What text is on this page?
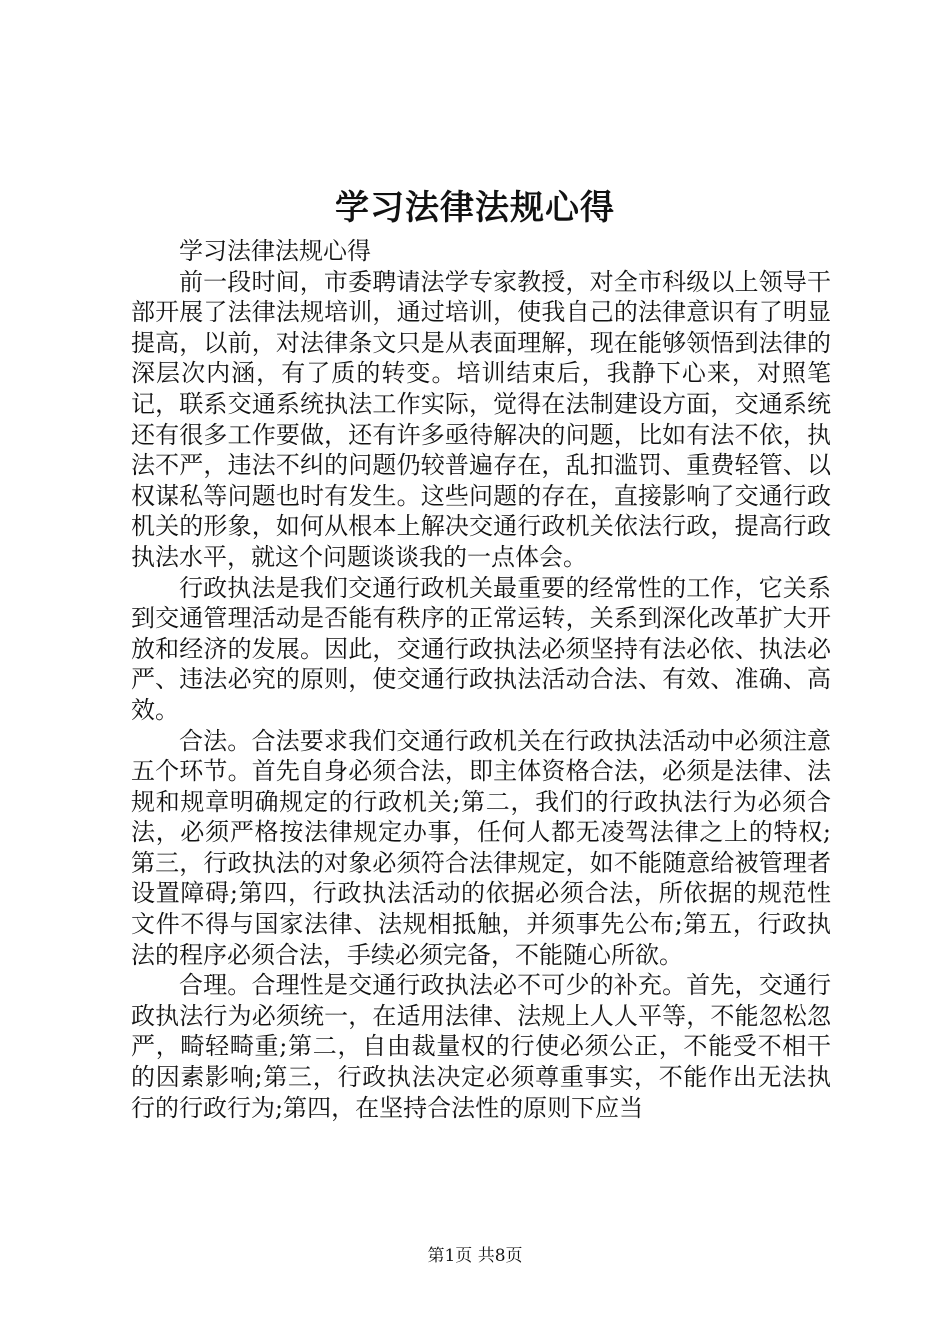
学习法律法规心得

学习法律法规心得

前一段时间，市委聘请法学专家教授，对全市科级以上领导干部开展了法律法规培训，通过培训，使我自己的法律意识有了明显提高，以前，对法律条文只是从表面理解，现在能够领悟到法律的深层次内涵，有了质的转变。培训结束后，我静下心来，对照笔记，联系交通系统执法工作实际，觉得在法制建设方面，交通系统还有很多工作要做，还有许多亟待解决的问题，比如有法不依，执法不严，违法不纠的问题仍较普遍存在，乱扣滥罚、重费轻管、以权谋私等问题也时有发生。这些问题的存在，直接影响了交通行政机关的形象，如何从根本上解决交通行政机关依法行政，提高行政执法水平，就这个问题谈谈我的一点体会。

行政执法是我们交通行政机关最重要的经常性的工作，它关系到交通管理活动是否能有秩序的正常运转，关系到深化改革扩大开放和经济的发展。因此，交通行政执法必须坚持有法必依、执法必严、违法必究的原则，使交通行政执法活动合法、有效、准确、高效。

合法。合法要求我们交通行政机关在行政执法活动中必须注意五个环节。首先自身必须合法，即主体资格合法，必须是法律、法规和规章明确规定的行政机关;第二，我们的行政执法行为必须合法，必须严格按法律规定办事，任何人都无凌驾法律之上的特权;第三，行政执法的对象必须符合法律规定，如不能随意给被管理者设置障碍;第四，行政执法活动的依据必须合法，所依据的规范性文件不得与国家法律、法规相抵触，并须事先公布;第五，行政执法的程序必须合法，手续必须完备，不能随心所欲。

合理。合理性是交通行政执法必不可少的补充。首先，交通行政执法行为必须统一，在适用法律、法规上人人平等，不能忽松忽严，畸轻畸重;第二，自由裁量权的行使必须公正，不能受不相干的因素影响;第三，行政执法决定必须尊重事实，不能作出无法执行的行政行为;第四，在坚持合法性的原则下应当

第1页 共8页
